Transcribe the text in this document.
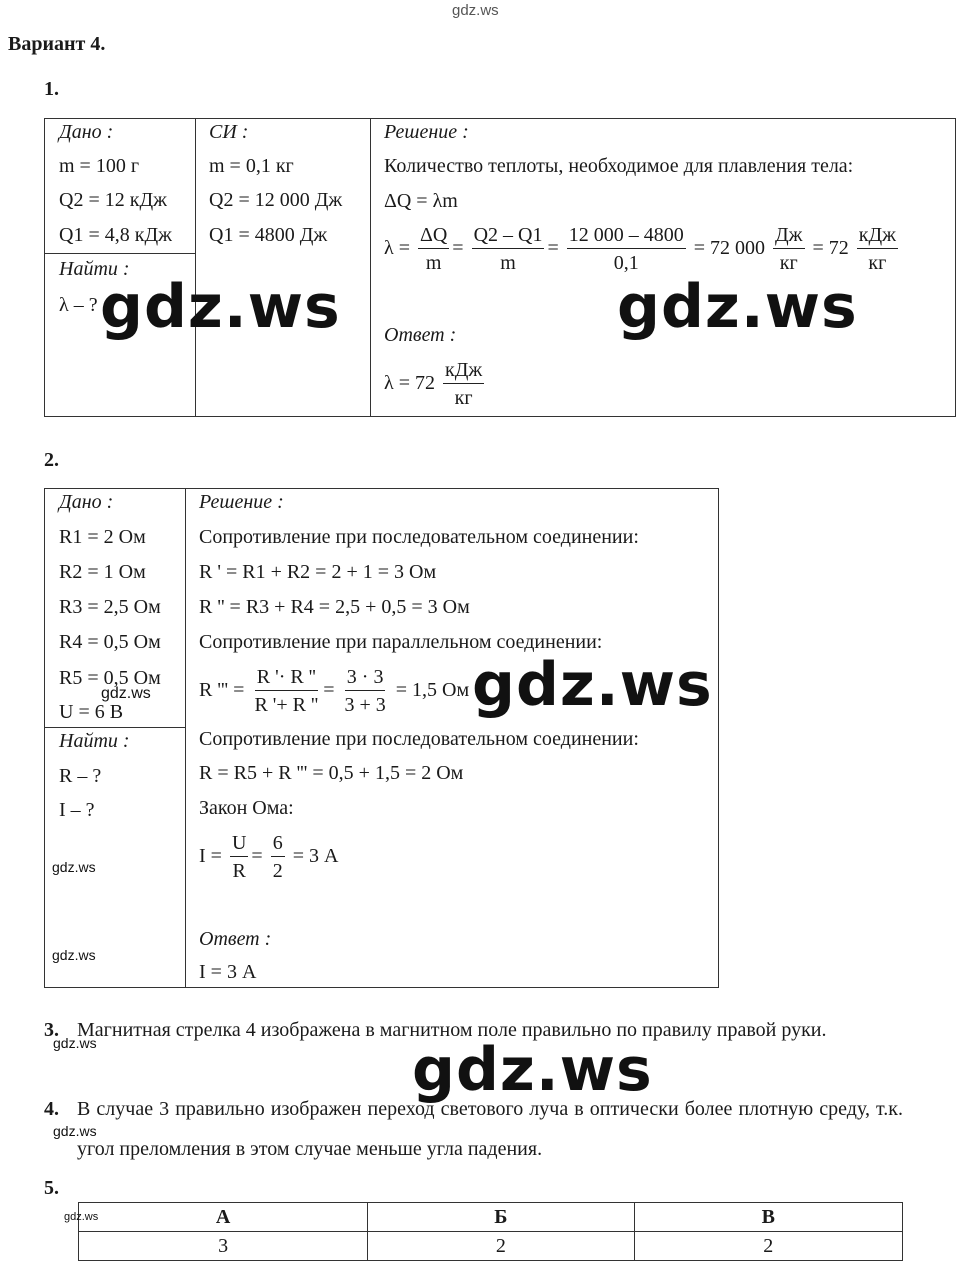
gdz.ws
Вариант 4.
1.
Дано :
m = 100 г
Q2 = 12 кДж
Q1 = 4,8 кДж
Найти :
λ – ?
СИ :
m = 0,1 кг
Q2 = 12 000 Дж
Q1 = 4800 Дж
Решение :
Количество теплоты, необходимое для плавления тела:
ΔQ = λm
$\lambda = \frac{\Delta Q}{m} = \frac{Q2 - Q1}{m} = \frac{12 000 - 4800}{0,1} = 72$ $000 \frac{Дж}{кг} = 72 \frac{\text{кДж}}{кг}$
Ответ :
$\lambda = 72 \frac{\text{кДж}}{кг}$
gdz.ws	gdz.ws
2.
Дано :
R1 = 2 Ом
R2 = 1 Ом
R3 = 2,5 Ом
R4 = 0,5 Ом
R5 = 0,5 Ом
U = 6 В
Найти :
R – ?
I – ?
Решение :
Сопротивление при последовательном соединении:
R ' = R1 + R2 = 2 + 1 = 3 Ом
R '' = R3 + R4 = 2,5 + 0,5 = 3 Ом
Сопротивление при параллельном соединении:
R ''' = $\frac{R '\cdot R ''}{R '+ R ''} = \frac{3 \cdot 3}{3 + 3} = 1,5$ Ом
Сопротивление при последовательном соединении:
R = R5 + R ''' = 0,5 + 1,5 = 2 Ом
Закон Ома:
$I = \frac{U}{R} = \frac{6}{2} = 3$ А
Ответ :
I = 3 А
gdz.ws
gdz.ws
gdz.ws
gdz.ws
3. Магнитная стрелка 4 изображена в магнитном поле правильно по правилу правой руки.
gdz.ws	gdz.ws
4. В случае 3 правильно изображен переход светового луча в оптически более плотную среду, т.к. угол преломления в этом случае меньше угла падения.
gdz.ws
5.
А	Б	В
3	2	2
gdz.ws
